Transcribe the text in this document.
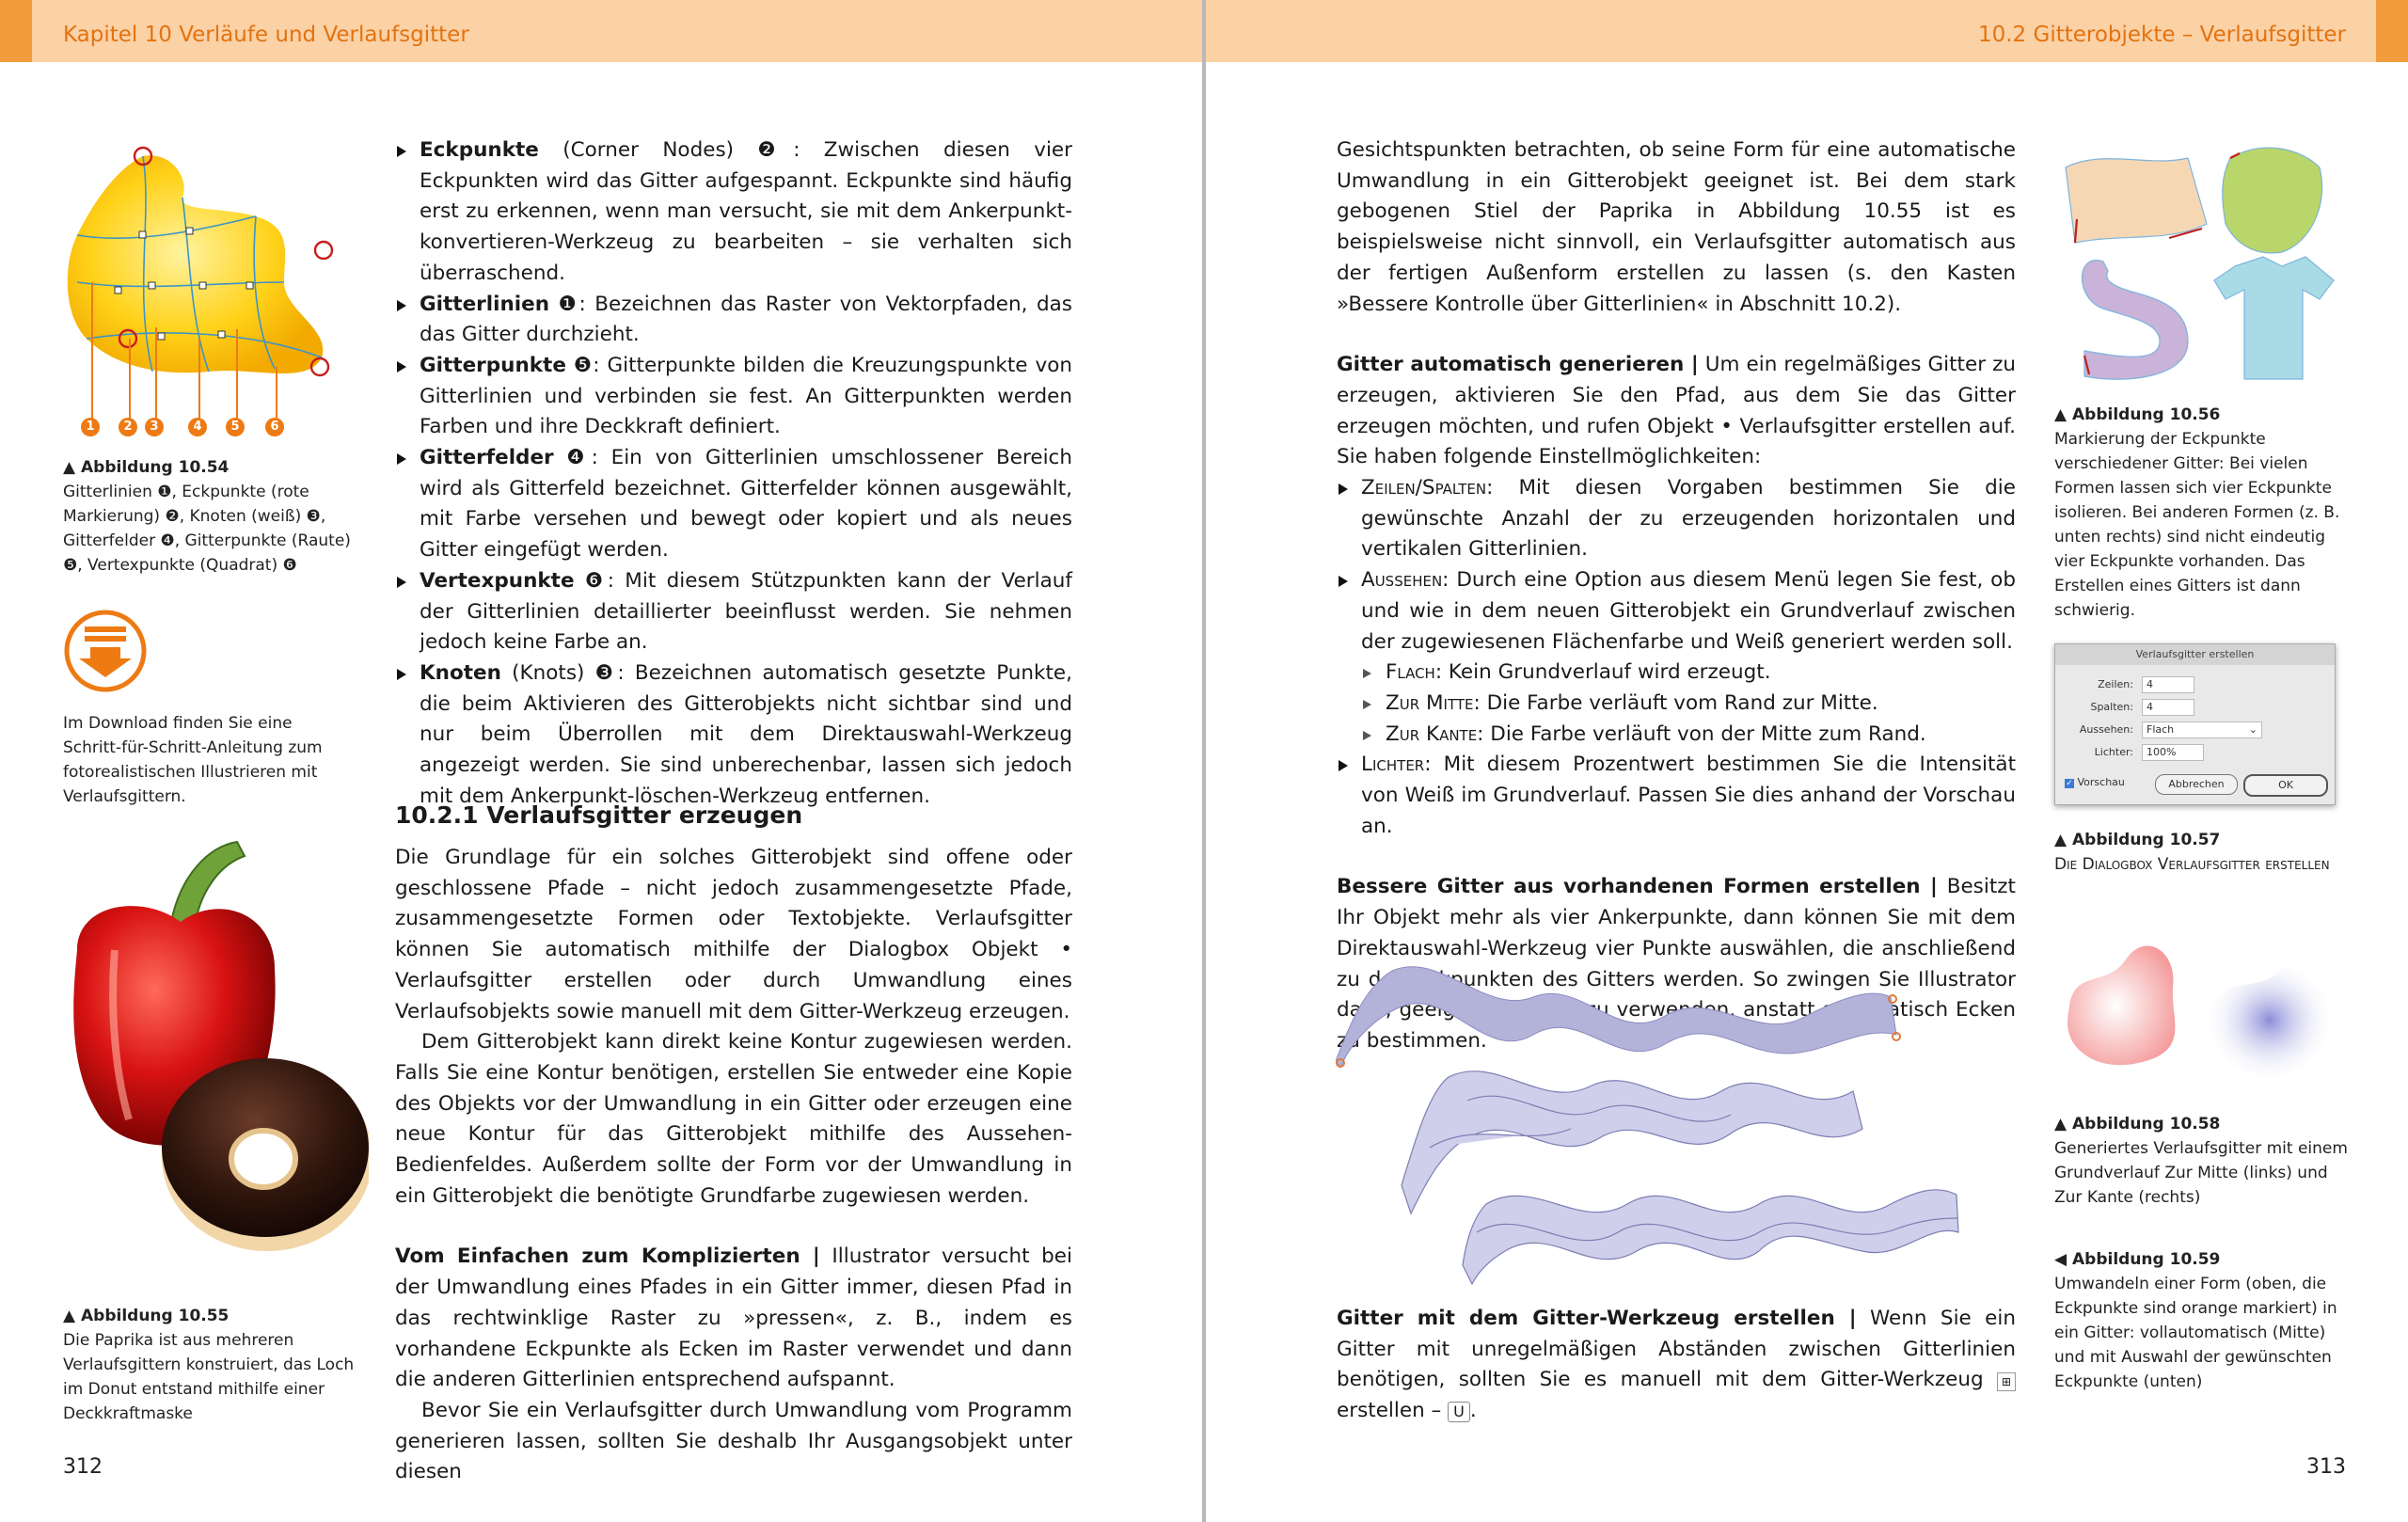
Kapitel 10 Verläufe und Verlaufsgitter	10.2 Gitterobjekte – Verlaufsgitter
1	2	3	4	5	6
▲ Abbildung 10.54
Gitterlinien ❶, Eckpunkte (rote Markierung) ❷, Knoten (weiß) ❸, Gitterfelder ❹, Gitterpunkte (Raute) ❺, Vertexpunkte (Quadrat) ❻
Im Download finden Sie eine Schritt-für-Schritt-Anleitung zum fotorealistischen Illustrieren mit Verlaufsgittern.
▲ Abbildung 10.55
Die Paprika ist aus mehreren Verlaufsgittern konstruiert, das Loch im Donut entstand mithilfe einer Deckkraftmaske

Eckpunkte (Corner Nodes) ❷: Zwischen diesen vier Eckpunkten wird das Gitter aufgespannt. Eckpunkte sind häufig erst zu erkennen, wenn man versucht, sie mit dem Ankerpunkt-konvertieren-Werkzeug zu bearbeiten – sie verhalten sich überraschend.

Gitterlinien ❶: Bezeichnen das Raster von Vektorpfaden, das das Gitter durchzieht.

Gitterpunkte ❺: Gitterpunkte bilden die Kreuzungspunkte von Gitterlinien und verbinden sie fest. An Gitterpunkten werden Farben und ihre Deckkraft definiert.

Gitterfelder ❹: Ein von Gitterlinien umschlossener Bereich wird als Gitterfeld bezeichnet. Gitterfelder können ausgewählt, mit Farbe versehen und bewegt oder kopiert und als neues Gitter eingefügt werden.

Vertexpunkte ❻: Mit diesem Stützpunkten kann der Verlauf der Gitterlinien detaillierter beeinflusst werden. Sie nehmen jedoch keine Farbe an.

Knoten (Knots) ❸: Bezeichnen automatisch gesetzte Punkte, die beim Aktivieren des Gitterobjekts nicht sichtbar sind und nur beim Überrollen mit dem Direktauswahl-Werkzeug angezeigt werden. Sie sind unberechenbar, lassen sich jedoch mit dem Ankerpunkt-löschen-Werkzeug entfernen.

10.2.1 Verlaufsgitter erzeugen

Die Grundlage für ein solches Gitterobjekt sind offene oder geschlossene Pfade – nicht jedoch zusammengesetzte Pfade, zusammengesetzte Formen oder Textobjekte. Verlaufsgitter können Sie automatisch mithilfe der Dialogbox Objekt • Verlaufsgitter erstellen oder durch Umwandlung eines Verlaufsobjekts sowie manuell mit dem Gitter-Werkzeug erzeugen.

Dem Gitterobjekt kann direkt keine Kontur zugewiesen werden. Falls Sie eine Kontur benötigen, erstellen Sie entweder eine Kopie des Objekts vor der Umwandlung in ein Gitter oder erzeugen eine neue Kontur für das Gitterobjekt mithilfe des Aussehen-Bedienfeldes. Außerdem sollte der Form vor der Umwandlung in ein Gitterobjekt die benötigte Grundfarbe zugewiesen werden.

Vom Einfachen zum Komplizierten | Illustrator versucht bei der Umwandlung eines Pfades in ein Gitter immer, diesen Pfad in das rechtwinklige Raster zu »pressen«, z. B., indem es vorhandene Eckpunkte als Ecken im Raster verwendet und dann die anderen Gitterlinien entsprechend aufspannt.

Bevor Sie ein Verlaufsgitter durch Umwandlung vom Programm generieren lassen, sollten Sie deshalb Ihr Ausgangsobjekt unter diesen

312

Gesichtspunkten betrachten, ob seine Form für eine automatische Umwandlung in ein Gitterobjekt geeignet ist. Bei dem stark gebogenen Stiel der Paprika in Abbildung 10.55 ist es beispielsweise nicht sinnvoll, ein Verlaufsgitter automatisch aus der fertigen Außenform erstellen zu lassen (s. den Kasten »Bessere Kontrolle über Gitterlinien« in Abschnitt 10.2).

Gitter automatisch generieren | Um ein regelmäßiges Gitter zu erzeugen, aktivieren Sie den Pfad, aus dem Sie das Gitter erzeugen möchten, und rufen Objekt • Verlaufsgitter erstellen auf. Sie haben folgende Einstellmöglichkeiten:

Zeilen/Spalten: Mit diesen Vorgaben bestimmen Sie die gewünschte Anzahl der zu erzeugenden horizontalen und vertikalen Gitterlinien.

Aussehen: Durch eine Option aus diesem Menü legen Sie fest, ob und wie in dem neuen Gitterobjekt ein Grundverlauf zwischen der zugewiesenen Flächenfarbe und Weiß generiert werden soll.

Flach: Kein Grundverlauf wird erzeugt.

Zur Mitte: Die Farbe verläuft vom Rand zur Mitte.

Zur Kante: Die Farbe verläuft von der Mitte zum Rand.

Lichter: Mit diesem Prozentwert bestimmen Sie die Intensität von Weiß im Grundverlauf. Passen Sie dies anhand der Vorschau an.

Bessere Gitter aus vorhandenen Formen erstellen | Besitzt Ihr Objekt mehr als vier Ankerpunkte, dann können Sie mit dem Direktauswahl-Werkzeug vier Punkte auswählen, die anschließend zu den Eckpunkten des Gitters werden. So zwingen Sie Illustrator dazu, geeignete Punkte zu verwenden, anstatt automatisch Ecken zu bestimmen.

Gitter mit dem Gitter-Werkzeug erstellen | Wenn Sie ein Gitter mit unregelmäßigen Abständen zwischen Gitterlinien benötigen, sollten Sie es manuell mit dem Gitter-Werkzeug ⊞ erstellen – U .

▲ Abbildung 10.56
Markierung der Eckpunkte verschiedener Gitter: Bei vielen Formen lassen sich vier Eckpunkte isolieren. Bei anderen Formen (z. B. unten rechts) sind nicht eindeutig vier Eckpunkte vorhanden. Das Erstellen eines Gitters ist dann schwierig.
Verlaufsgitter erstellen
Zeilen:	4
Spalten:	4
Aussehen:	Flach	⌄
Lichter:	100%
✓ Vorschau	Abbrechen	OK
▲ Abbildung 10.57
Die Dialogbox Verlaufsgitter erstellen
▲ Abbildung 10.58
Generiertes Verlaufsgitter mit einem Grundverlauf Zur Mitte (links) und Zur Kante (rechts)
◀ Abbildung 10.59
Umwandeln einer Form (oben, die Eckpunkte sind orange markiert) in ein Gitter: vollautomatisch (Mitte) und mit Auswahl der gewünschten Eckpunkte (unten)
313
